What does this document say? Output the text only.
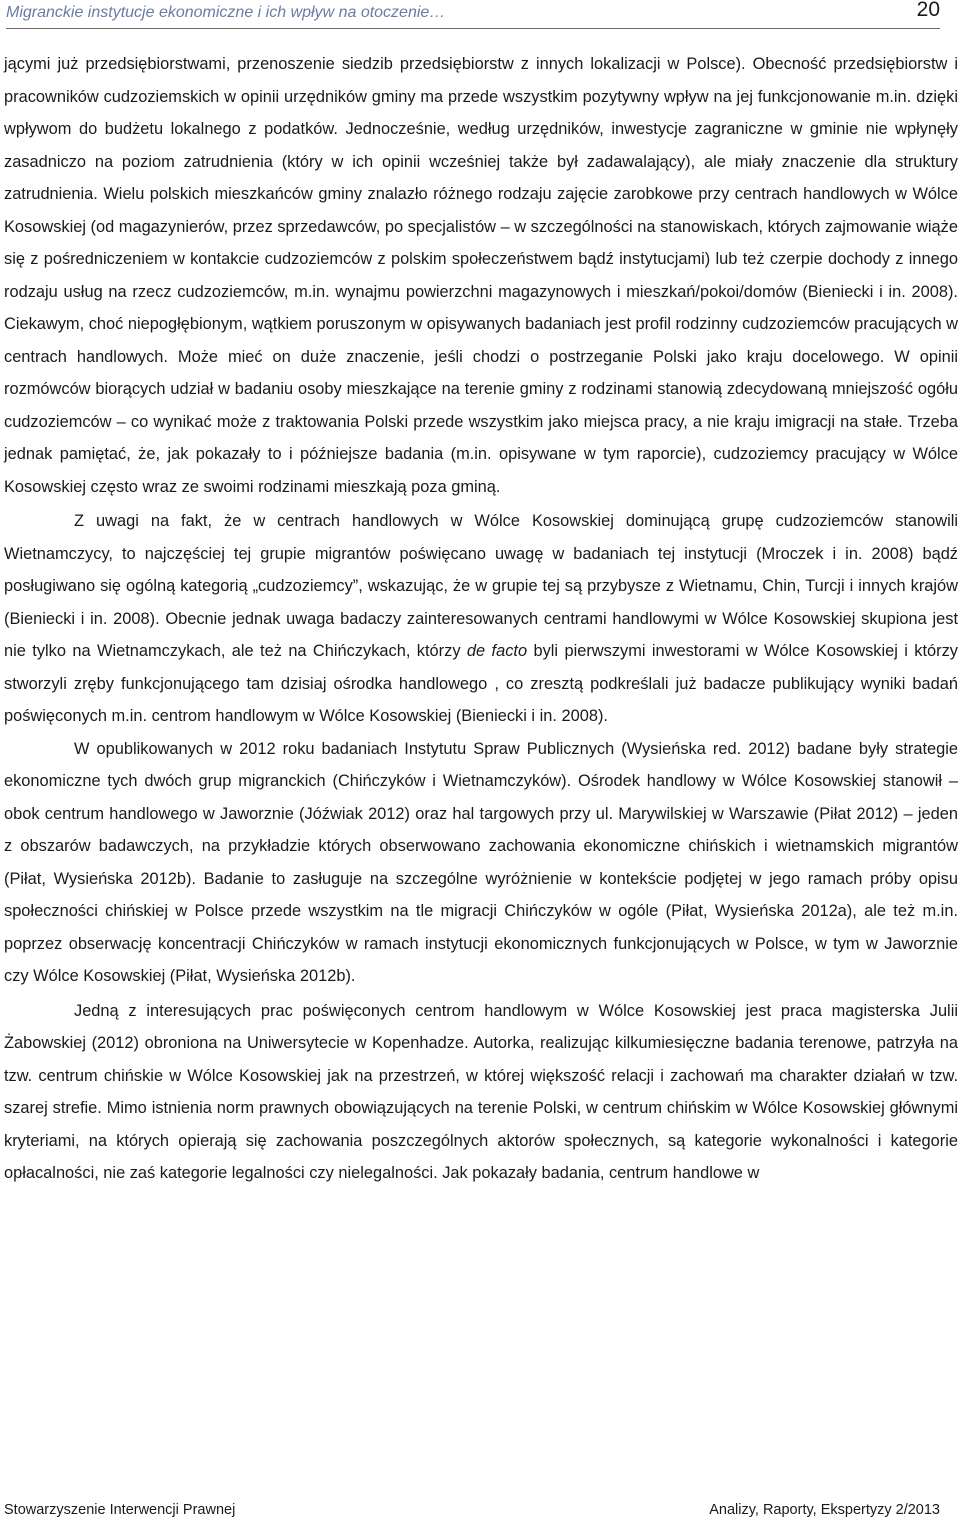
Migranckie instytucje ekonomiczne i ich wpływ na otoczenie…	20

jącymi już przedsiębiorstwami, przenoszenie siedzib przedsiębiorstw z innych lokalizacji w Polsce). Obecność przedsiębiorstw i pracowników cudzoziemskich w opinii urzędników gminy ma przede wszystkim pozytywny wpływ na jej funkcjonowanie m.in. dzięki wpływom do budżetu lokalnego z podatków. Jednocześnie, według urzędników, inwestycje zagraniczne w gminie nie wpłynęły zasadniczo na poziom zatrudnienia (który w ich opinii wcześniej także był zadawalający), ale miały znaczenie dla struktury zatrudnienia. Wielu polskich mieszkańców gminy znalazło różnego rodzaju zajęcie zarobkowe przy centrach handlowych w Wólce Kosowskiej (od magazynierów, przez sprzedawców, po specjalistów – w szczególności na stanowiskach, których zajmowanie wiąże się z pośredniczeniem w kontakcie cudzoziemców z polskim społeczeństwem bądź instytucjami) lub też czerpie dochody z innego rodzaju usług na rzecz cudzoziemców, m.in. wynajmu powierzchni magazynowych i mieszkań/pokoi/domów (Bieniecki i in. 2008). Ciekawym, choć niepogłębionym, wątkiem poruszonym w opisywanych badaniach jest profil rodzinny cudzoziemców pracujących w centrach handlowych. Może mieć on duże znaczenie, jeśli chodzi o postrzeganie Polski jako kraju docelowego. W opinii rozmówców biorących udział w badaniu osoby mieszkające na terenie gminy z rodzinami stanowią zdecydowaną mniejszość ogółu cudzoziemców – co wynikać może z traktowania Polski przede wszystkim jako miejsca pracy, a nie kraju imigracji na stałe. Trzeba jednak pamiętać, że, jak pokazały to i późniejsze badania (m.in. opisywane w tym raporcie), cudzoziemcy pracujący w Wólce Kosowskiej często wraz ze swoimi rodzinami mieszkają poza gminą.

Z uwagi na fakt, że w centrach handlowych w Wólce Kosowskiej dominującą grupę cudzoziemców stanowili Wietnamczycy, to najczęściej tej grupie migrantów poświęcano uwagę w badaniach tej instytucji (Mroczek i in. 2008) bądź posługiwano się ogólną kategorią „cudzoziemcy”, wskazując, że w grupie tej są przybysze z Wietnamu, Chin, Turcji i innych krajów (Bieniecki i in. 2008). Obecnie jednak uwaga badaczy zainteresowanych centrami handlowymi w Wólce Kosowskiej skupiona jest nie tylko na Wietnamczykach, ale też na Chińczykach, którzy de facto byli pierwszymi inwestorami w Wólce Kosowskiej i którzy stworzyli zręby funkcjonującego tam dzisiaj ośrodka handlowego , co zresztą podkreślali już badacze publikujący wyniki badań poświęconych m.in. centrom handlowym w Wólce Kosowskiej (Bieniecki i in. 2008).

W opublikowanych w 2012 roku badaniach Instytutu Spraw Publicznych (Wysieńska red. 2012) badane były strategie ekonomiczne tych dwóch grup migranckich (Chińczyków i Wietnamczyków). Ośrodek handlowy w Wólce Kosowskiej stanowił – obok centrum handlowego w Jaworznie (Jóźwiak 2012) oraz hal targowych przy ul. Marywilskiej w Warszawie (Piłat 2012) – jeden z obszarów badawczych, na przykładzie których obserwowano zachowania ekonomiczne chińskich i wietnamskich migrantów (Piłat, Wysieńska 2012b). Badanie to zasługuje na szczególne wyróżnienie w kontekście podjętej w jego ramach próby opisu społeczności chińskiej w Polsce przede wszystkim na tle migracji Chińczyków w ogóle (Piłat, Wysieńska 2012a), ale też m.in. poprzez obserwację koncentracji Chińczyków w ramach instytucji ekonomicznych funkcjonujących w Polsce, w tym w Jaworznie czy Wólce Kosowskiej (Piłat, Wysieńska 2012b).

Jedną z interesujących prac poświęconych centrom handlowym w Wólce Kosowskiej jest praca magisterska Julii Żabowskiej (2012) obroniona na Uniwersytecie w Kopenhadze. Autorka, realizując kilkumiesięczne badania terenowe, patrzyła na tzw. centrum chińskie w Wólce Kosowskiej jak na przestrzeń, w której większość relacji i zachowań ma charakter działań w tzw. szarej strefie. Mimo istnienia norm prawnych obowiązujących na terenie Polski, w centrum chińskim w Wólce Kosowskiej głównymi kryteriami, na których opierają się zachowania poszczególnych aktorów społecznych, są kategorie wykonalności i kategorie opłacalności, nie zaś kategorie legalności czy nielegalności. Jak pokazały badania, centrum handlowe w

Stowarzyszenie Interwencji Prawnej	Analizy, Raporty, Ekspertyzy 2/2013
